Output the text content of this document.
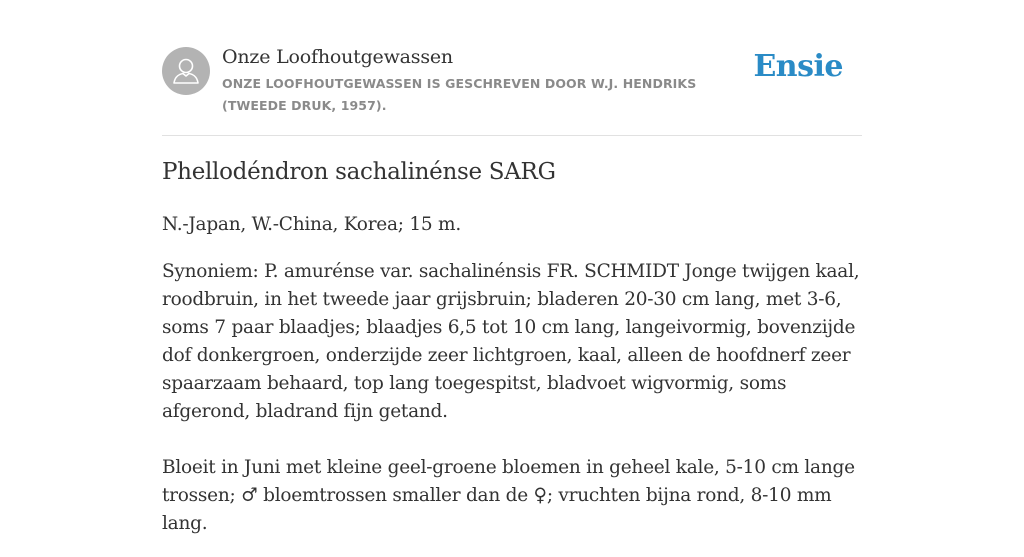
Onze Loofhoutgewassen
ONZE LOOFHOUTGEWASSEN IS GESCHREVEN DOOR W.J. HENDRIKS (TWEEDE DRUK, 1957).
Ensie
Phellodéndron sachalinénse SARG

N.-Japan, W.-China, Korea; 15 m.

Synoniem: P. amurénse var. sachalinénsis FR. SCHMIDT Jonge twijgen kaal, roodbruin, in het tweede jaar grijsbruin; bladeren 20-30 cm lang, met 3-6, soms 7 paar blaadjes; blaadjes 6,5 tot 10 cm lang, langeivormig, bovenzijde dof donkergroen, onderzijde zeer lichtgroen, kaal, alleen de hoofdnerf zeer spaarzaam behaard, top lang toegespitst, bladvoet wigvormig, soms afgerond, bladrand fijn getand.

Bloeit in Juni met kleine geel-groene bloemen in geheel kale, 5-10 cm lange trossen; ♂ bloemtrossen smaller dan de ♀; vruchten bijna rond, 8-10 mm lang.
